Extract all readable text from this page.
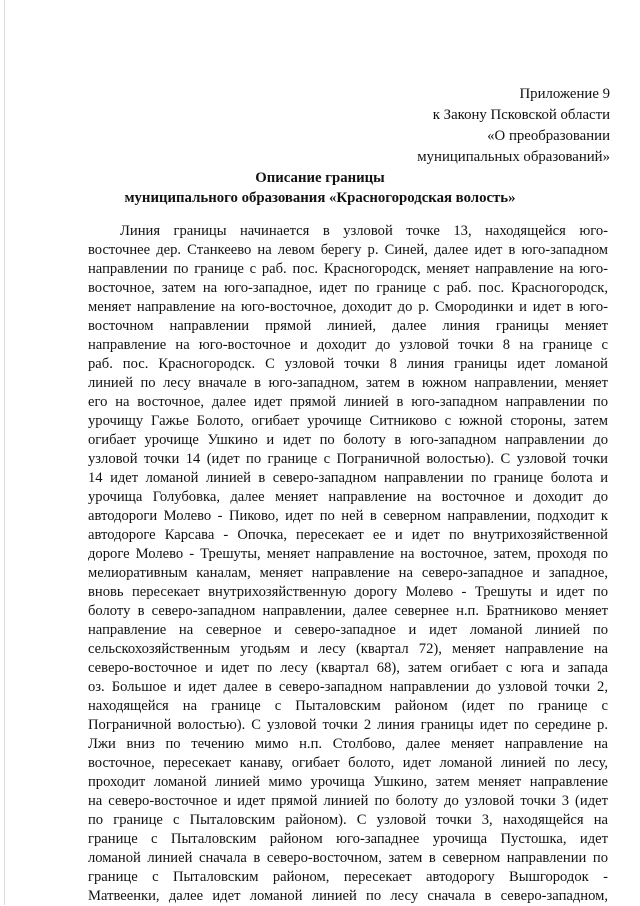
Приложение 9
к Закону Псковской области
«О преобразовании
муниципальных образований»
Описание границы
муниципального образования «Красногородская волость»
Линия границы начинается в узловой точке 13, находящейся юго-
восточнее дер. Станкеево на левом берегу р. Синей, далее идет в юго-западном
направлении по границе с раб. пос. Красногородск, меняет направление на юго-
восточное, затем на юго-западное, идет по границе с раб. пос. Красногородск,
меняет направление на юго-восточное, доходит до р. Смородинки и идет в юго-
восточном направлении прямой линией, далее линия границы меняет
направление на юго-восточное и доходит до узловой точки 8 на границе с
раб. пос. Красногородск. С узловой точки 8 линия границы идет ломаной
линией по лесу вначале в юго-западном, затем в южном направлении, меняет
его на восточное, далее идет прямой линией в юго-западном направлении по
урочищу Гажье Болото, огибает урочище Ситниково с южной стороны, затем
огибает урочище Ушкино и идет по болоту в юго-западном направлении до
узловой точки 14 (идет по границе с Пограничной волостью). С узловой точки
14 идет ломаной линией в северо-западном направлении по границе болота и
урочища Голубовка, далее меняет направление на восточное и доходит до
автодороги Молево - Пиково, идет по ней в северном направлении, подходит к
автодороге Карсава - Опочка, пересекает ее и идет по внутрихозяйственной
дороге Молево - Трешуты, меняет направление на восточное, затем, проходя по
мелиоративным каналам, меняет направление на северо-западное и западное,
вновь пересекает внутрихозяйственную дорогу Молево - Трешуты и идет по
болоту в северо-западном направлении, далее севернее н.п. Братниково меняет
направление на северное и северо-западное и идет ломаной линией по
сельскохозяйственным угодьям и лесу (квартал 72), меняет направление на
северо-восточное и идет по лесу (квартал 68), затем огибает с юга и запада
оз. Большое и идет далее в северо-западном направлении до узловой точки 2,
находящейся на границе с Пыталовским районом (идет по границе с
Пограничной волостью). С узловой точки 2 линия границы идет по середине р.
Лжи вниз по течению мимо н.п. Столбово, далее меняет направление на
восточное, пересекает канаву, огибает болото, идет ломаной линией по лесу,
проходит ломаной линией мимо урочища Ушкино, затем меняет направление
на северо-восточное и идет прямой линией по болоту до узловой точки 3 (идет
по границе с Пыталовским районом). С узловой точки 3, находящейся на
границе с Пыталовским районом юго-западнее урочища Пустошка, идет
ломаной линией сначала в северо-восточном, затем в северном направлении по
границе с Пыталовским районом, пересекает автодорогу Вышгородок -
Матвеенки, далее идет ломаной линией по лесу сначала в северо-западном,
